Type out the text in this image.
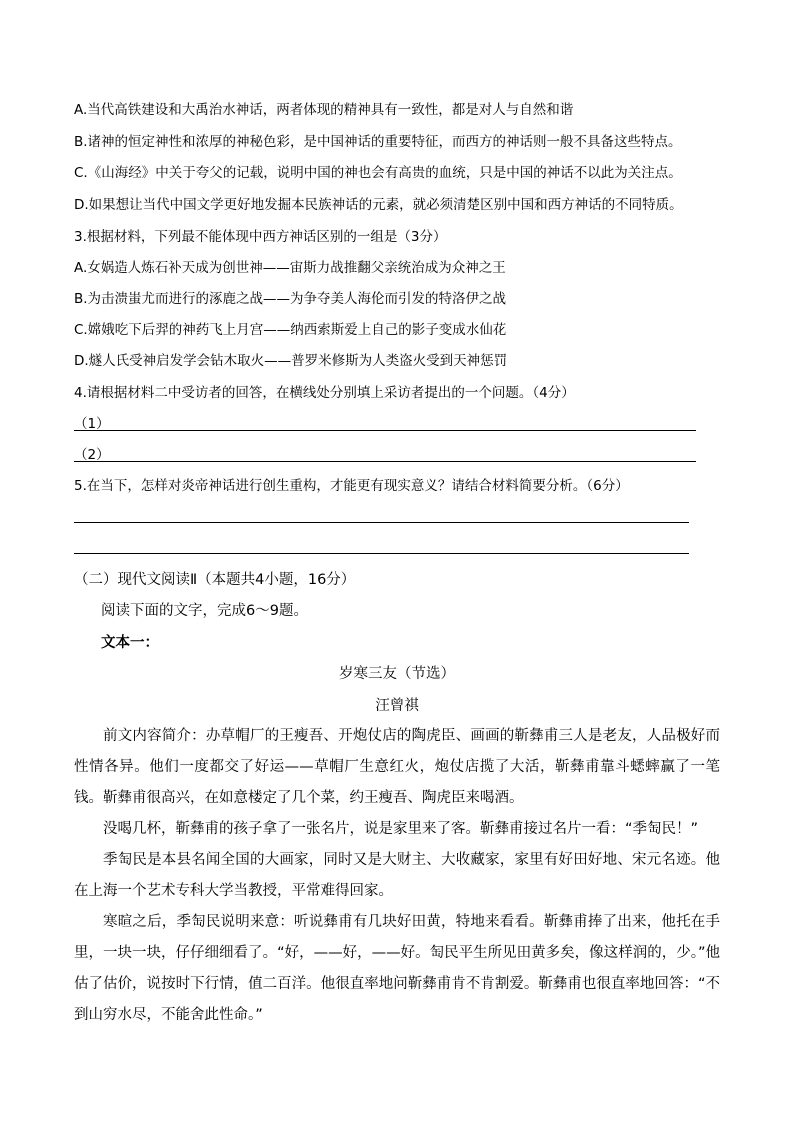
A.当代高铁建设和大禹治水神话，两者体现的精神具有一致性，都是对人与自然和谐
B.诸神的恒定神性和浓厚的神秘色彩，是中国神话的重要特征，而西方的神话则一般不具备这些特点。
C.《山海经》中关于夸父的记载，说明中国的神也会有高贵的血统，只是中国的神话不以此为关注点。
D.如果想让当代中国文学更好地发掘本民族神话的元素，就必须清楚区别中国和西方神话的不同特质。
3.根据材料，下列最不能体现中西方神话区别的一组是（3分）
A.女娲造人炼石补天成为创世神——宙斯力战推翻父亲统治成为众神之王
B.为击溃蚩尤而进行的涿鹿之战——为争夺美人海伦而引发的特洛伊之战
C.嫦娥吃下后羿的神药飞上月宫——纳西索斯爱上自己的影子变成水仙花
D.燧人氏受神启发学会钻木取火——普罗米修斯为人类盗火受到天神惩罚
4.请根据材料二中受访者的回答，在横线处分别填上采访者提出的一个问题。（4分）
（1）
（2）
5.在当下，怎样对炎帝神话进行创生重构，才能更有现实意义？请结合材料简要分析。（6分）
（二）现代文阅读Ⅱ（本题共4小题，16分）
阅读下面的文字，完成6～9题。
文本一：
岁寒三友（节选）
汪曾祺
前文内容简介：办草帽厂的王瘦吾、开炮仗店的陶虎臣、画画的靳彝甫三人是老友，人品极好而性情各异。他们一度都交了好运——草帽厂生意红火，炮仗店揽了大活，靳彝甫靠斗蟋蟀赢了一笔钱。 靳彝甫很高兴，在如意楼定了几个菜，约王瘦吾、陶虎臣来喝酒。
没喝几杯，靳彝甫的孩子拿了一张名片，说是家里来了客。靳彝甫接过名片一看：“季匋民！”
季匋民是本县名闻全国的大画家，同时又是大财主、大收藏家，家里有好田好地、宋元名迹。他在上海一个艺术专科大学当教授，平常难得回家。
寒暄之后，季匋民说明来意：听说彝甫有几块好田黄，特地来看看。靳彝甫捧了出来，他托在手里，一块一块，仔仔细细看了。“好，——好，——好。匋民平生所见田黄多矣，像这样润的，少。”他估了估价，说按时下行情，值二百洋。他很直率地问靳彝甫肯不肯割爱。靳彝甫也很直率地回答：“不到山穷水尽，不能舍此性命。”
